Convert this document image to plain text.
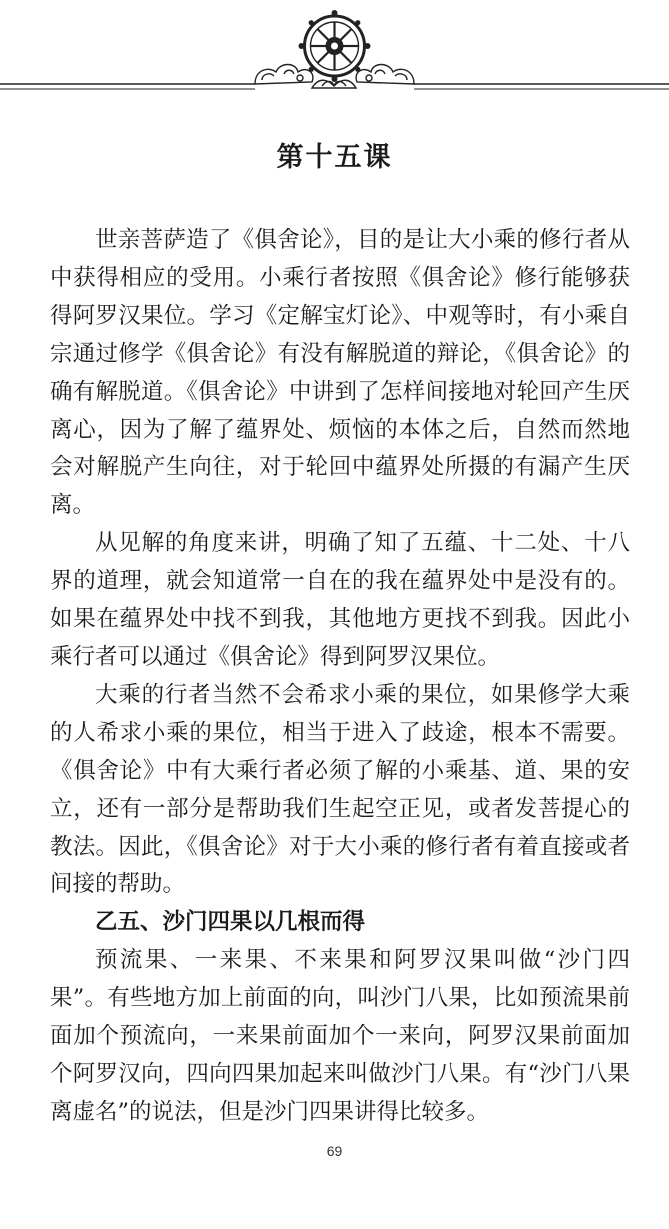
第十五课

世亲菩萨造了《俱舍论》，目的是让大小乘的修行者从中获得相应的受用。小乘行者按照《俱舍论》修行能够获得阿罗汉果位。学习《定解宝灯论》、中观等时，有小乘自宗通过修学《俱舍论》有没有解脱道的辩论，《俱舍论》的确有解脱道。《俱舍论》中讲到了怎样间接地对轮回产生厌离心，因为了解了蕴界处、烦恼的本体之后，自然而然地会对解脱产生向往，对于轮回中蕴界处所摄的有漏产生厌离。

从见解的角度来讲，明确了知了五蕴、十二处、十八界的道理，就会知道常一自在的我在蕴界处中是没有的。如果在蕴界处中找不到我，其他地方更找不到我。因此小乘行者可以通过《俱舍论》得到阿罗汉果位。

大乘的行者当然不会希求小乘的果位，如果修学大乘的人希求小乘的果位，相当于进入了歧途，根本不需要。《俱舍论》中有大乘行者必须了解的小乘基、道、果的安立，还有一部分是帮助我们生起空正见，或者发菩提心的教法。因此，《俱舍论》对于大小乘的修行者有着直接或者间接的帮助。

乙五、沙门四果以几根而得

预流果、一来果、不来果和阿罗汉果叫做“沙门四果”。有些地方加上前面的向，叫沙门八果，比如预流果前面加个预流向，一来果前面加个一来向，阿罗汉果前面加个阿罗汉向，四向四果加起来叫做沙门八果。有“沙门八果离虚名”的说法，但是沙门四果讲得比较多。

69
